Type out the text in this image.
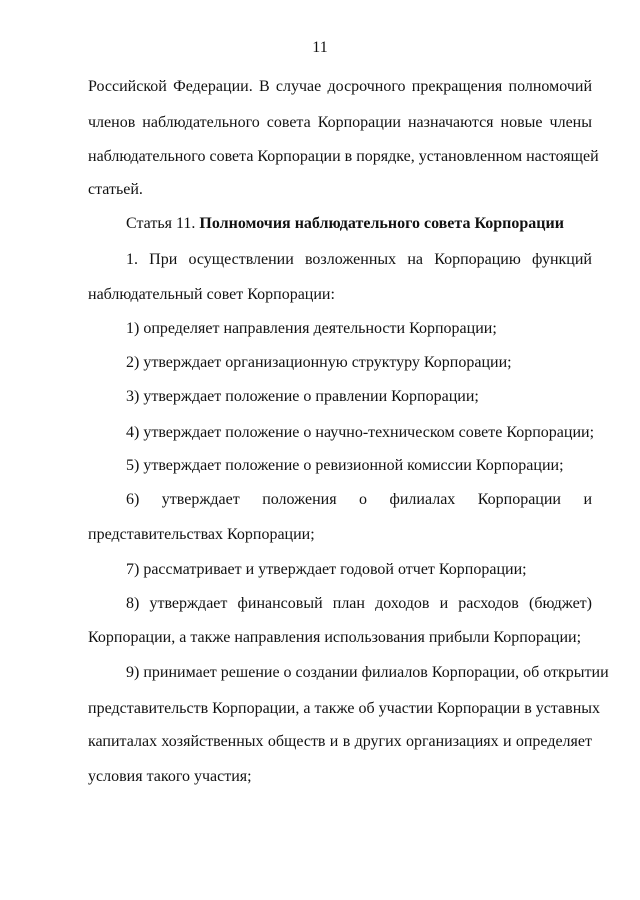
11
Российской Федерации. В случае досрочного прекращения полномочий
членов наблюдательного совета Корпорации назначаются новые члены
наблюдательного совета Корпорации в порядке, установленном настоящей
статьей.
Статья 11. Полномочия наблюдательного совета Корпорации
1. При осуществлении возложенных на Корпорацию функций
наблюдательный совет Корпорации:
1) определяет направления деятельности Корпорации;
2) утверждает организационную структуру Корпорации;
3) утверждает положение о правлении Корпорации;
4) утверждает положение о научно-техническом совете Корпорации;
5) утверждает положение о ревизионной комиссии Корпорации;
6) утверждает положения о филиалах Корпорации и
представительствах Корпорации;
7) рассматривает и утверждает годовой отчет Корпорации;
8) утверждает финансовый план доходов и расходов (бюджет)
Корпорации, а также направления использования прибыли Корпорации;
9) принимает решение о создании филиалов Корпорации, об открытии
представительств Корпорации, а также об участии Корпорации в уставных
капиталах хозяйственных обществ и в других организациях и определяет
условия такого участия;
